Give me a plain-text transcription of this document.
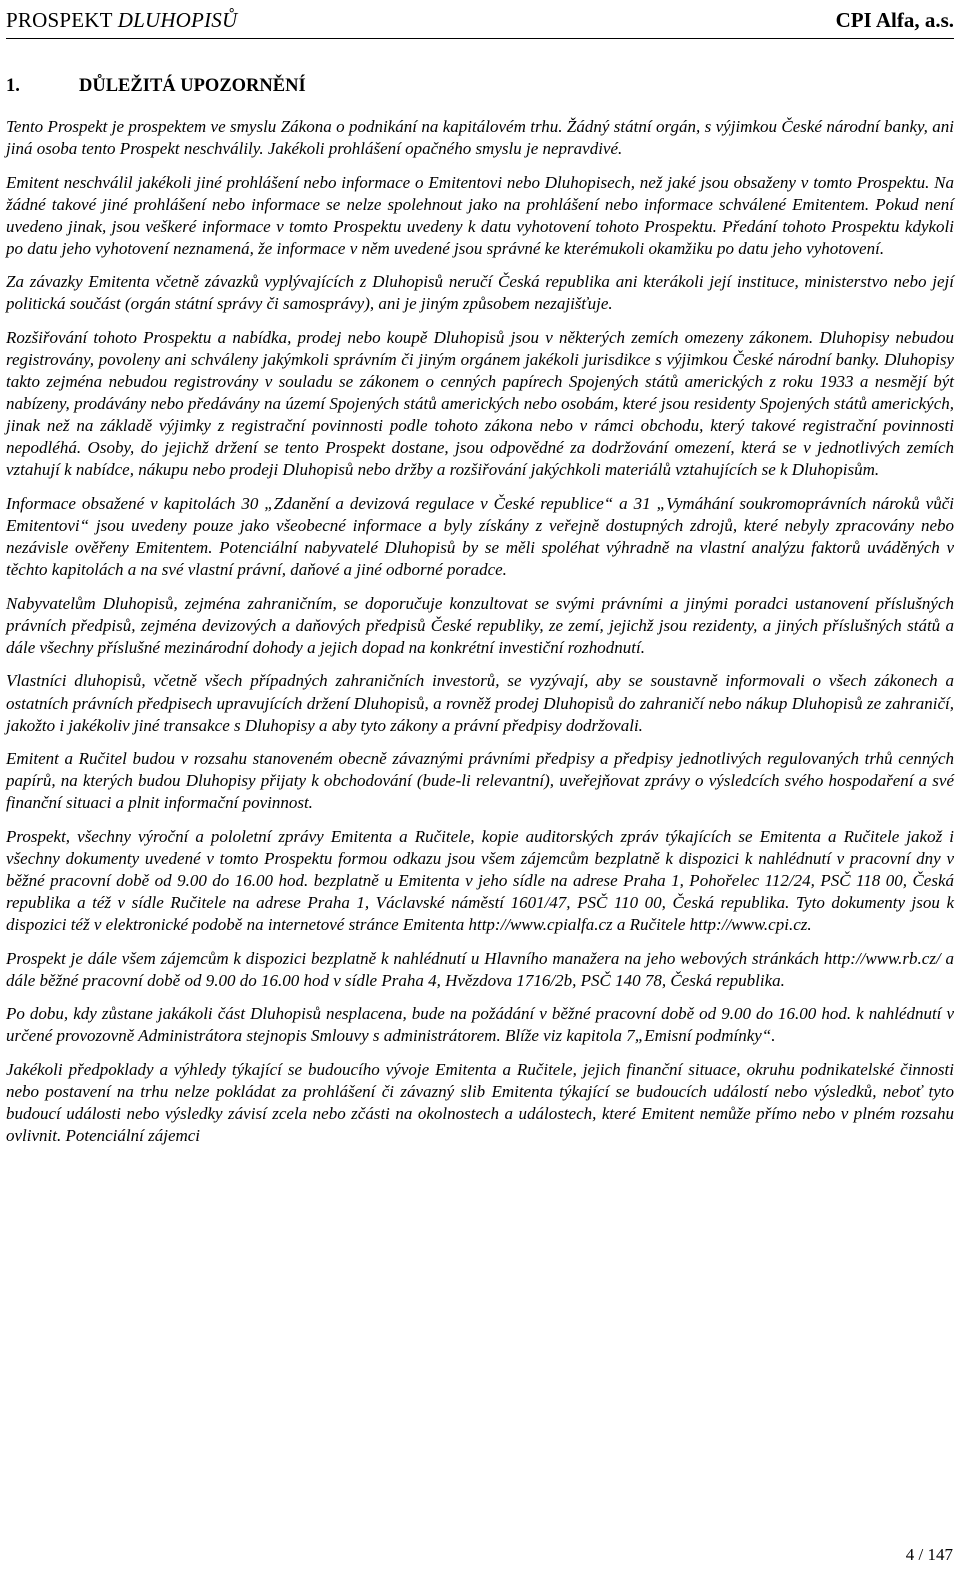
PROSPEKT DLUHOPISŮ	CPI Alfa, a.s.
1.	DŮLEŽITÁ UPOZORNĚNÍ

Tento Prospekt je prospektem ve smyslu Zákona o podnikání na kapitálovém trhu. Žádný státní orgán, s výjimkou České národní banky, ani jiná osoba tento Prospekt neschválily. Jakékoli prohlášení opačného smyslu je nepravdivé.

Emitent neschválil jakékoli jiné prohlášení nebo informace o Emitentovi nebo Dluhopisech, než jaké jsou obsaženy v tomto Prospektu. Na žádné takové jiné prohlášení nebo informace se nelze spolehnout jako na prohlášení nebo informace schválené Emitentem. Pokud není uvedeno jinak, jsou veškeré informace v tomto Prospektu uvedeny k datu vyhotovení tohoto Prospektu. Předání tohoto Prospektu kdykoli po datu jeho vyhotovení neznamená, že informace v něm uvedené jsou správné ke kterémukoli okamžiku po datu jeho vyhotovení.

Za závazky Emitenta včetně závazků vyplývajících z Dluhopisů neručí Česká republika ani kterákoli její instituce, ministerstvo nebo její politická součást (orgán státní správy či samosprávy), ani je jiným způsobem nezajišťuje.

Rozšiřování tohoto Prospektu a nabídka, prodej nebo koupě Dluhopisů jsou v některých zemích omezeny zákonem. Dluhopisy nebudou registrovány, povoleny ani schváleny jakýmkoli správním či jiným orgánem jakékoli jurisdikce s výjimkou České národní banky. Dluhopisy takto zejména nebudou registrovány v souladu se zákonem o cenných papírech Spojených států amerických z roku 1933 a nesmějí být nabízeny, prodávány nebo předávány na území Spojených států amerických nebo osobám, které jsou residenty Spojených států amerických, jinak než na základě výjimky z registrační povinnosti podle tohoto zákona nebo v rámci obchodu, který takové registrační povinnosti nepodléhá. Osoby, do jejichž držení se tento Prospekt dostane, jsou odpovědné za dodržování omezení, která se v jednotlivých zemích vztahují k nabídce, nákupu nebo prodeji Dluhopisů nebo držby a rozšiřování jakýchkoli materiálů vztahujících se k Dluhopisům.

Informace obsažené v kapitolách 30 „Zdanění a devizová regulace v České republice“ a 31 „Vymáhání soukromoprávních nároků vůči Emitentovi“ jsou uvedeny pouze jako všeobecné informace a byly získány z veřejně dostupných zdrojů, které nebyly zpracovány nebo nezávisle ověřeny Emitentem. Potenciální nabyvatelé Dluhopisů by se měli spoléhat výhradně na vlastní analýzu faktorů uváděných v těchto kapitolách a na své vlastní právní, daňové a jiné odborné poradce.

Nabyvatelům Dluhopisů, zejména zahraničním, se doporučuje konzultovat se svými právními a jinými poradci ustanovení příslušných právních předpisů, zejména devizových a daňových předpisů České republiky, ze zemí, jejichž jsou rezidenty, a jiných příslušných států a dále všechny příslušné mezinárodní dohody a jejich dopad na konkrétní investiční rozhodnutí.

Vlastníci dluhopisů, včetně všech případných zahraničních investorů, se vyzývají, aby se soustavně informovali o všech zákonech a ostatních právních předpisech upravujících držení Dluhopisů, a rovněž prodej Dluhopisů do zahraničí nebo nákup Dluhopisů ze zahraničí, jakožto i jakékoliv jiné transakce s Dluhopisy a aby tyto zákony a právní předpisy dodržovali.

Emitent a Ručitel budou v rozsahu stanoveném obecně závaznými právními předpisy a předpisy jednotlivých regulovaných trhů cenných papírů, na kterých budou Dluhopisy přijaty k obchodování (bude-li relevantní), uveřejňovat zprávy o výsledcích svého hospodaření a své finanční situaci a plnit informační povinnost.

Prospekt, všechny výroční a pololetní zprávy Emitenta a Ručitele, kopie auditorských zpráv týkajících se Emitenta a Ručitele jakož i všechny dokumenty uvedené v tomto Prospektu formou odkazu jsou všem zájemcům bezplatně k dispozici k nahlédnutí v pracovní dny v běžné pracovní době od 9.00 do 16.00 hod. bezplatně u Emitenta v jeho sídle na adrese Praha 1, Pohořelec 112/24, PSČ 118 00, Česká republika a též v sídle Ručitele na adrese Praha 1, Václavské náměstí 1601/47, PSČ 110 00, Česká republika. Tyto dokumenty jsou k dispozici též v elektronické podobě na internetové stránce Emitenta http://www.cpialfa.cz a Ručitele http://www.cpi.cz.

Prospekt je dále všem zájemcům k dispozici bezplatně k nahlédnutí u Hlavního manažera na jeho webových stránkách http://www.rb.cz/ a dále běžné pracovní době od 9.00 do 16.00 hod v sídle Praha 4, Hvězdova 1716/2b, PSČ 140 78, Česká republika.

Po dobu, kdy zůstane jakákoli část Dluhopisů nesplacena, bude na požádání v běžné pracovní době od 9.00 do 16.00 hod. k nahlédnutí v určené provozovně Administrátora stejnopis Smlouvy s administrátorem. Blíže viz kapitola 7„Emisní podmínky“.

Jakékoli předpoklady a výhledy týkající se budoucího vývoje Emitenta a Ručitele, jejich finanční situace, okruhu podnikatelské činnosti nebo postavení na trhu nelze pokládat za prohlášení či závazný slib Emitenta týkající se budoucích událostí nebo výsledků, neboť tyto budoucí události nebo výsledky závisí zcela nebo zčásti na okolnostech a událostech, které Emitent nemůže přímo nebo v plném rozsahu ovlivnit. Potenciální zájemci

4 / 147
